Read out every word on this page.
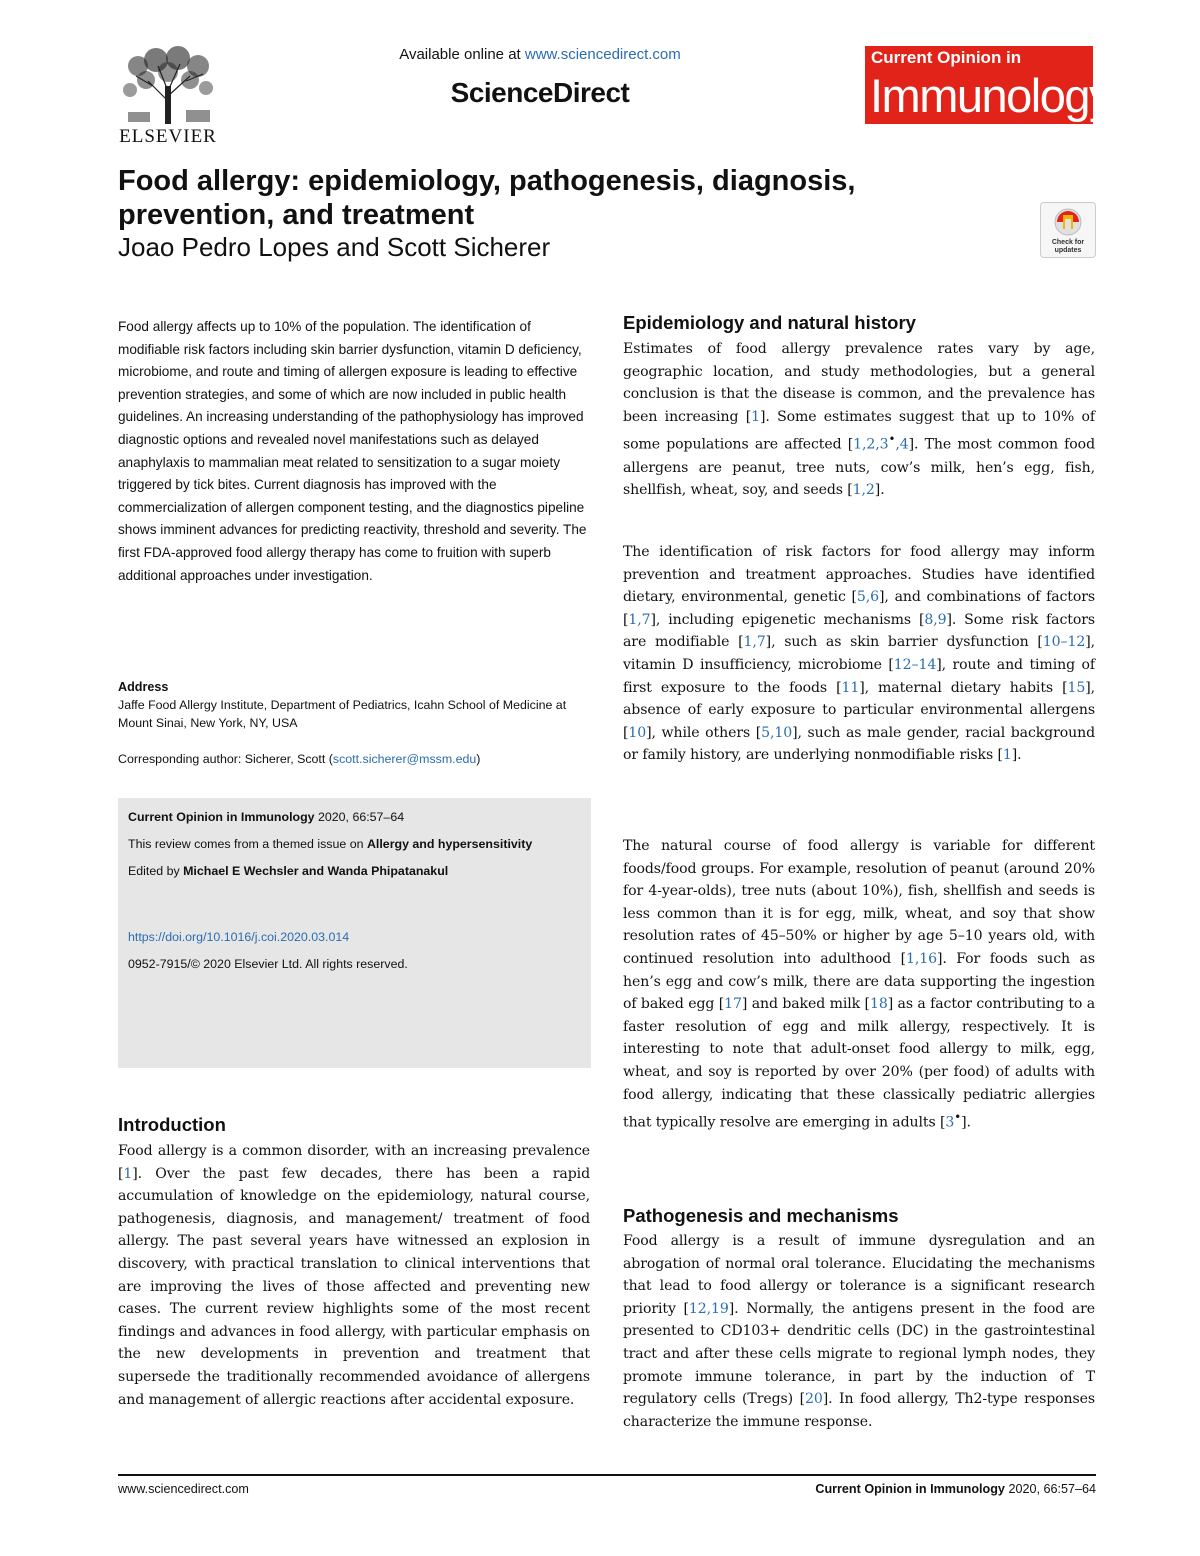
ELSEVIER
Available online at www.sciencedirect.com
ScienceDirect
Current Opinion in
Immunology
Food allergy: epidemiology, pathogenesis, diagnosis, prevention, and treatment
Joao Pedro Lopes and Scott Sicherer	Check for updates
Food allergy affects up to 10% of the population. The identification of modifiable risk factors including skin barrier dysfunction, vitamin D deficiency, microbiome, and route and timing of allergen exposure is leading to effective prevention strategies, and some of which are now included in public health guidelines. An increasing understanding of the pathophysiology has improved diagnostic options and revealed novel manifestations such as delayed anaphylaxis to mammalian meat related to sensitization to a sugar moiety triggered by tick bites. Current diagnosis has improved with the commercialization of allergen component testing, and the diagnostics pipeline shows imminent advances for predicting reactivity, threshold and severity. The first FDA-approved food allergy therapy has come to fruition with superb additional approaches under investigation.
Address
Jaffe Food Allergy Institute, Department of Pediatrics, Icahn School of Medicine at Mount Sinai, New York, NY, USA
Corresponding author: Sicherer, Scott (scott.sicherer@mssm.edu)

Current Opinion in Immunology 2020, 66:57–64

This review comes from a themed issue on Allergy and hypersensitivity

Edited by Michael E Wechsler and Wanda Phipatanakul

https://doi.org/10.1016/j.coi.2020.03.014

0952-7915/© 2020 Elsevier Ltd. All rights reserved.

Introduction

Food allergy is a common disorder, with an increasing prevalence [1]. Over the past few decades, there has been a rapid accumulation of knowledge on the epidemiology, natural course, pathogenesis, diagnosis, and management/ treatment of food allergy. The past several years have witnessed an explosion in discovery, with practical translation to clinical interventions that are improving the lives of those affected and preventing new cases. The current review highlights some of the most recent findings and advances in food allergy, with particular emphasis on the new developments in prevention and treatment that supersede the traditionally recommended avoidance of allergens and management of allergic reactions after accidental exposure.

Epidemiology and natural history

Estimates of food allergy prevalence rates vary by age, geographic location, and study methodologies, but a general conclusion is that the disease is common, and the prevalence has been increasing [1]. Some estimates suggest that up to 10% of some populations are affected [1,2,3•,4]. The most common food allergens are peanut, tree nuts, cow’s milk, hen’s egg, fish, shellfish, wheat, soy, and seeds [1,2].

The identification of risk factors for food allergy may inform prevention and treatment approaches. Studies have identified dietary, environmental, genetic [5,6], and combinations of factors [1,7], including epigenetic mechanisms [8,9]. Some risk factors are modifiable [1,7], such as skin barrier dysfunction [10–12], vitamin D insufficiency, microbiome [12–14], route and timing of first exposure to the foods [11], maternal dietary habits [15], absence of early exposure to particular environmental allergens [10], while others [5,10], such as male gender, racial background or family history, are underlying nonmodifiable risks [1].

The natural course of food allergy is variable for different foods/food groups. For example, resolution of peanut (around 20% for 4-year-olds), tree nuts (about 10%), fish, shellfish and seeds is less common than it is for egg, milk, wheat, and soy that show resolution rates of 45–50% or higher by age 5–10 years old, with continued resolution into adulthood [1,16]. For foods such as hen’s egg and cow’s milk, there are data supporting the ingestion of baked egg [17] and baked milk [18] as a factor contributing to a faster resolution of egg and milk allergy, respectively. It is interesting to note that adult-onset food allergy to milk, egg, wheat, and soy is reported by over 20% (per food) of adults with food allergy, indicating that these classically pediatric allergies that typically resolve are emerging in adults [3•].

Pathogenesis and mechanisms

Food allergy is a result of immune dysregulation and an abrogation of normal oral tolerance. Elucidating the mechanisms that lead to food allergy or tolerance is a significant research priority [12,19]. Normally, the antigens present in the food are presented to CD103+ dendritic cells (DC) in the gastrointestinal tract and after these cells migrate to regional lymph nodes, they promote immune tolerance, in part by the induction of T regulatory cells (Tregs) [20]. In food allergy, Th2-type responses characterize the immune response.

www.sciencedirect.com	Current Opinion in Immunology 2020, 66:57–64
